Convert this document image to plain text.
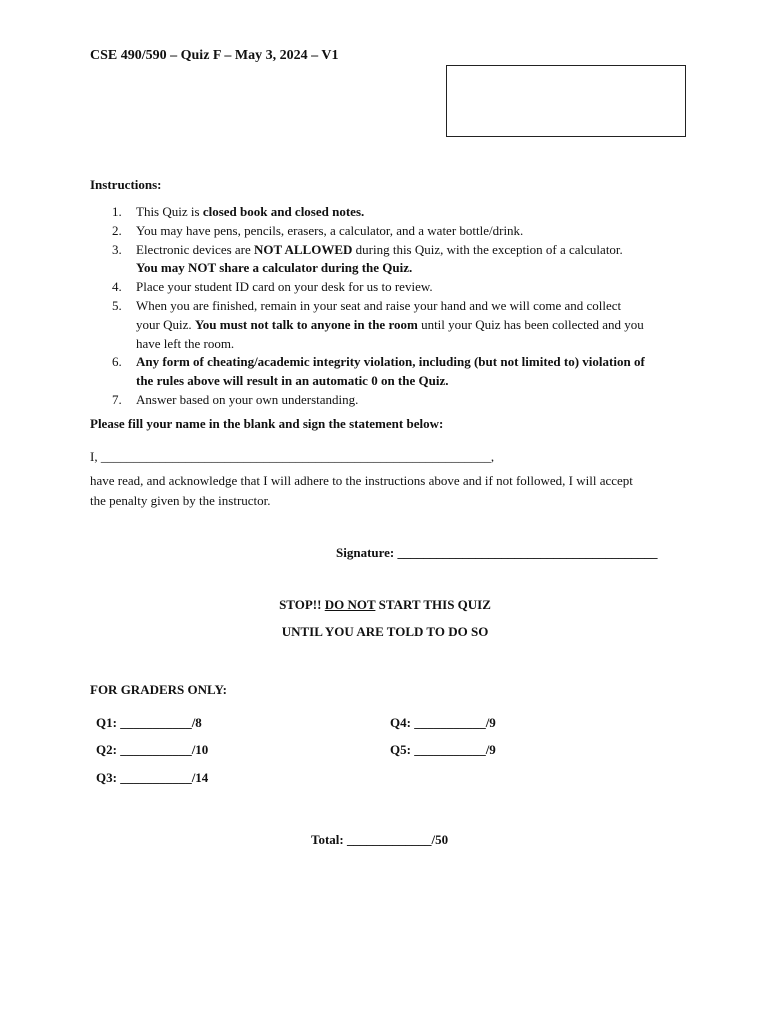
CSE 490/590 – Quiz F – May 3, 2024 – V1
Instructions:
1. This Quiz is closed book and closed notes.
2. You may have pens, pencils, erasers, a calculator, and a water bottle/drink.
3. Electronic devices are NOT ALLOWED during this Quiz, with the exception of a calculator.
You may NOT share a calculator during the Quiz.
4. Place your student ID card on your desk for us to review.
5. When you are finished, remain in your seat and raise your hand and we will come and collect
your Quiz. You must not talk to anyone in the room until your Quiz has been collected and you
have left the room.
6. Any form of cheating/academic integrity violation, including (but not limited to) violation of
the rules above will result in an automatic 0 on the Quiz.
7. Answer based on your own understanding.
Please fill your name in the blank and sign the statement below:
I, ____________________________________________________________,
have read, and acknowledge that I will adhere to the instructions above and if not followed, I will accept
the penalty given by the instructor.
Signature: ________________________________________
STOP!! DO NOT START THIS QUIZ
UNTIL YOU ARE TOLD TO DO SO
FOR GRADERS ONLY:
Q1: ___________/8
Q2: ___________/10
Q3: ___________/14
Q4: ___________/9
Q5: ___________/9
Total: _____________/50
